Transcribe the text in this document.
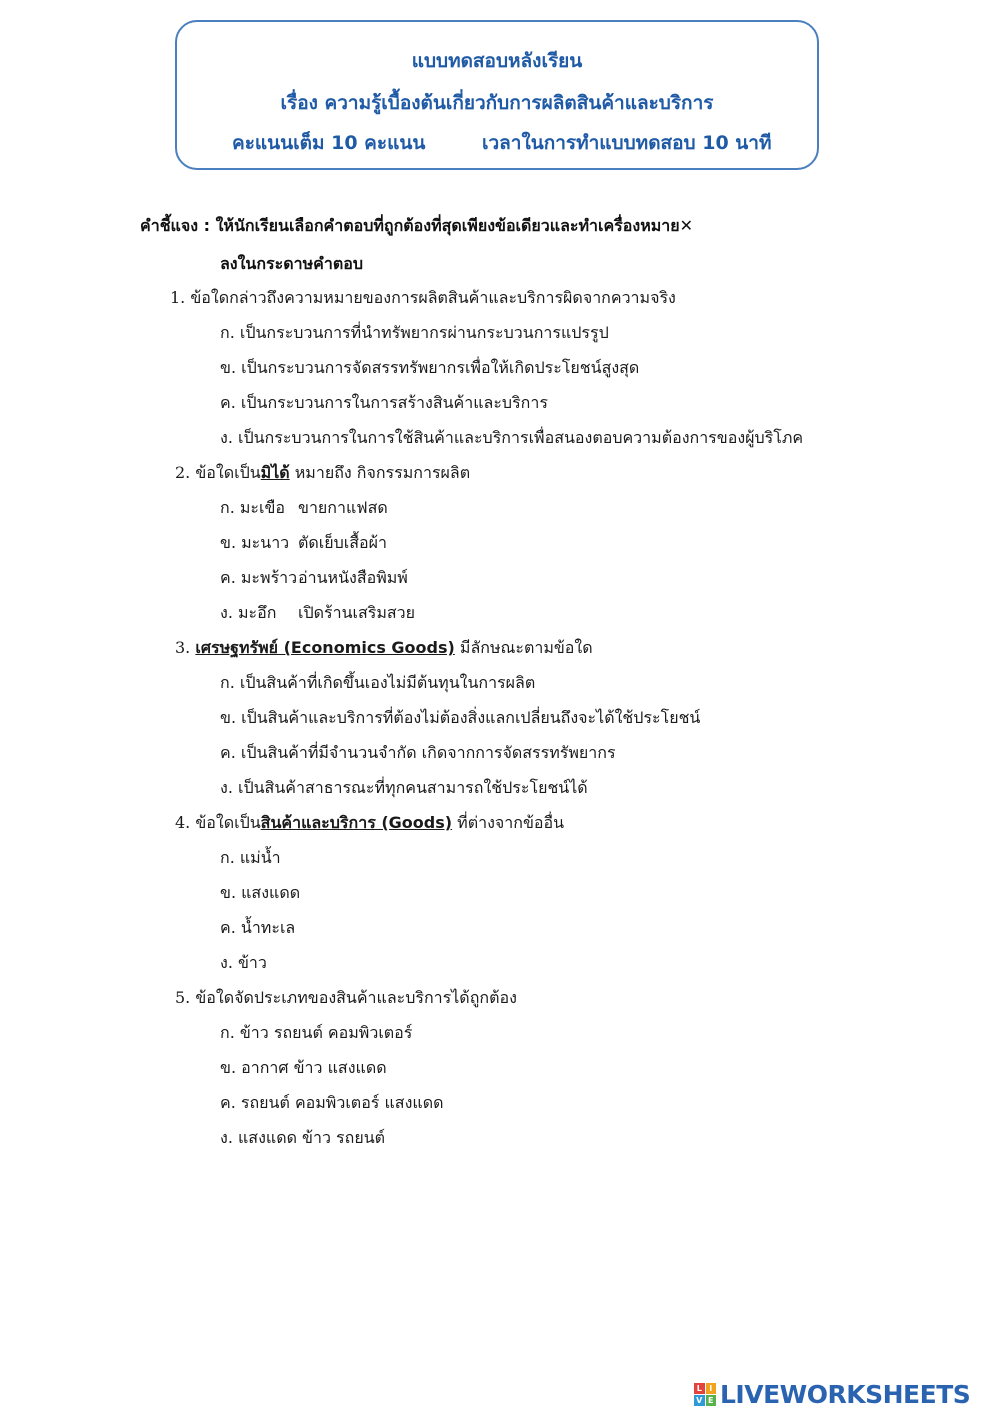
แบบทดสอบหลังเรียน
เรื่อง ความรู้เบื้องต้นเกี่ยวกับการผลิตสินค้าและบริการ
คะแนนเต็ม 10 คะแนน	เวลาในการทำแบบทดสอบ 10 นาที
คำชี้แจง : ให้นักเรียนเลือกคำตอบที่ถูกต้องที่สุดเพียงข้อเดียวและทำเครื่องหมาย✕
ลงในกระดาษคำตอบ
1. ข้อใดกล่าวถึงความหมายของการผลิตสินค้าและบริการผิดจากความจริง
ก. เป็นกระบวนการที่นำทรัพยากรผ่านกระบวนการแปรรูป
ข. เป็นกระบวนการจัดสรรทรัพยากรเพื่อให้เกิดประโยชน์สูงสุด
ค. เป็นกระบวนการในการสร้างสินค้าและบริการ
ง. เป็นกระบวนการในการใช้สินค้าและบริการเพื่อสนองตอบความต้องการของผู้บริโภค
2. ข้อใดเป็นมิได้ หมายถึง กิจกรรมการผลิต
ก. มะเขือ ขายกาแฟสด
ข. มะนาว ตัดเย็บเสื้อผ้า
ค. มะพร้าวอ่านหนังสือพิมพ์
ง. มะอึก เปิดร้านเสริมสวย
3. เศรษฐทรัพย์ (Economics Goods) มีลักษณะตามข้อใด
ก. เป็นสินค้าที่เกิดขึ้นเองไม่มีต้นทุนในการผลิต
ข. เป็นสินค้าและบริการที่ต้องไม่ต้องสิ่งแลกเปลี่ยนถึงจะได้ใช้ประโยชน์
ค. เป็นสินค้าที่มีจำนวนจำกัด เกิดจากการจัดสรรทรัพยากร
ง. เป็นสินค้าสาธารณะที่ทุกคนสามารถใช้ประโยชน์ได้
4. ข้อใดเป็นสินค้าและบริการ (Goods) ที่ต่างจากข้ออื่น
ก. แม่น้ำ
ข. แสงแดด
ค. น้ำทะเล
ง. ข้าว
5. ข้อใดจัดประเภทของสินค้าและบริการได้ถูกต้อง
ก. ข้าว รถยนต์ คอมพิวเตอร์
ข. อากาศ ข้าว แสงแดด
ค. รถยนต์ คอมพิวเตอร์ แสงแดด
ง. แสงแดด ข้าว รถยนต์
L I
V E LIVEWORKSHEETS
